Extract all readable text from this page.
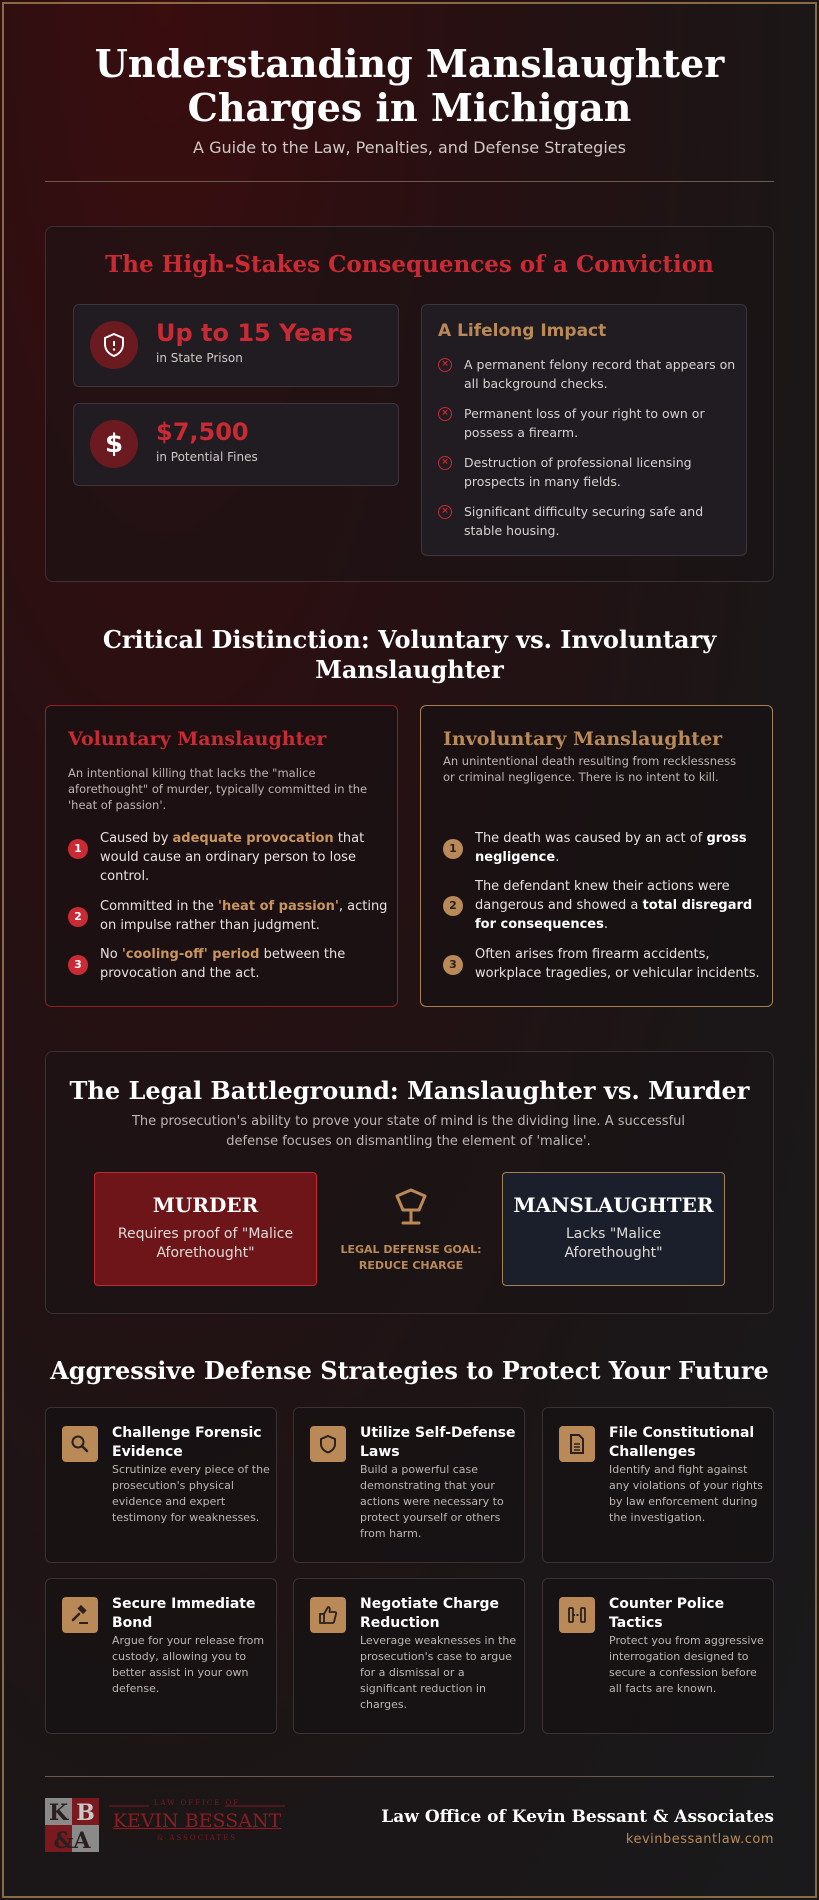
Understanding Manslaughter
Charges in Michigan
A Guide to the Law, Penalties, and Defense Strategies
The High-Stakes Consequences of a Conviction
Up to 15 Years
in State Prison
$ $7,500
in Potential Fines
A Lifelong Impact
× A permanent felony record that appears on all background checks.
× Permanent loss of your right to own or possess a firearm.
× Destruction of professional licensing prospects in many fields.
× Significant difficulty securing safe and stable housing.
Critical Distinction: Voluntary vs. Involuntary
Manslaughter
Voluntary Manslaughter
An intentional killing that lacks the "malice aforethought" of murder, typically committed in the 'heat of passion'.
1
Caused by adequate provocation that would cause an ordinary person to lose control.
2
Committed in the 'heat of passion', acting on impulse rather than judgment.
3
No 'cooling-off' period between the provocation and the act.
Involuntary Manslaughter
An unintentional death resulting from recklessness or criminal negligence. There is no intent to kill.
1
The death was caused by an act of gross negligence.
2
The defendant knew their actions were dangerous and showed a total disregard for consequences.
3
Often arises from firearm accidents, workplace tragedies, or vehicular incidents.
The Legal Battleground: Manslaughter vs. Murder
The prosecution's ability to prove your state of mind is the dividing line. A successful defense focuses on dismantling the element of 'malice'.
MURDER

Requires proof of "Malice Aforethought"	LEGAL DEFENSE GOAL:
REDUCE CHARGE
MANSLAUGHTER

Lacks "Malice Aforethought"

Aggressive Defense Strategies to Protect Your Future
Challenge Forensic Evidence

Scrutinize every piece of the prosecution's physical evidence and expert testimony for weaknesses.

Utilize Self-Defense Laws

Build a powerful case demonstrating that your actions were necessary to protect yourself or others from harm.

File Constitutional Challenges

Identify and fight against any violations of your rights by law enforcement during the investigation.

Secure Immediate Bond

Argue for your release from custody, allowing you to better assist in your own defense.

Negotiate Charge Reduction

Leverage weaknesses in the prosecution's case to argue for a dismissal or a significant reduction in charges.

Counter Police Tactics

Protect you from aggressive interrogation designed to secure a confession before all facts are known.

K B
&A
LAW OFFICE OF
KEVIN BESSANT
& ASSOCIATES
Law Office of Kevin Bessant & Associates
kevinbessantlaw.com
